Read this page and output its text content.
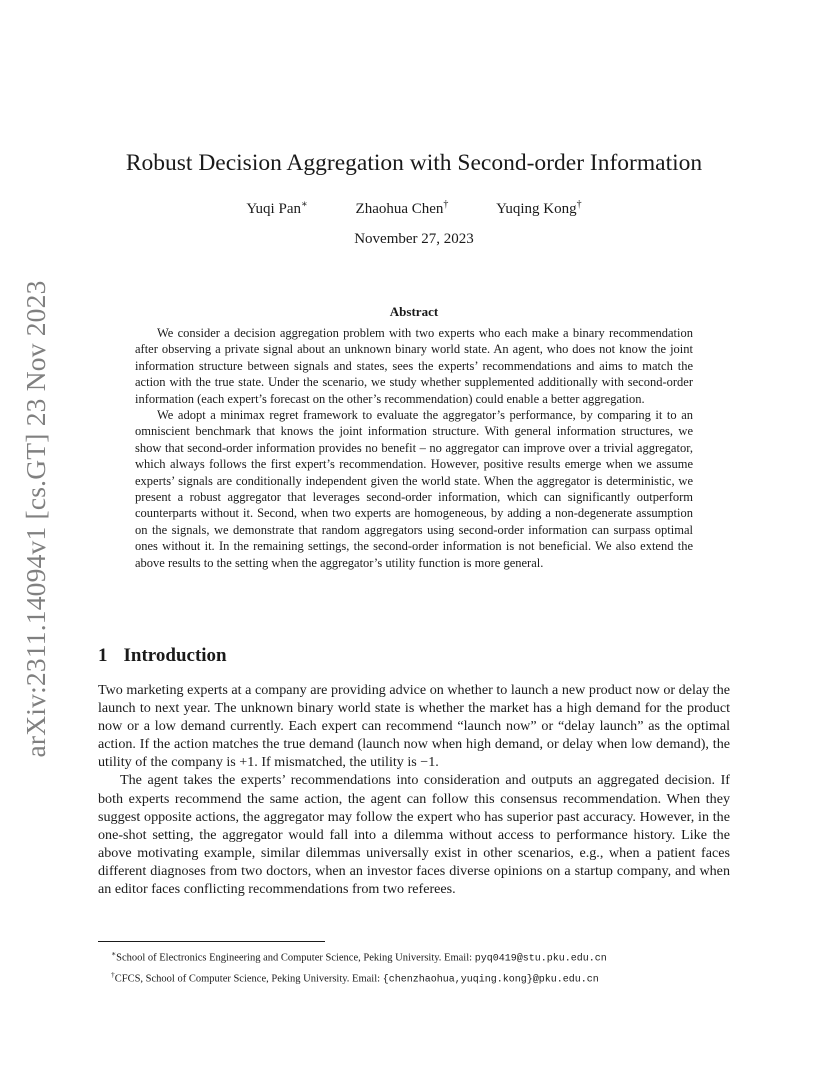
arXiv:2311.14094v1 [cs.GT] 23 Nov 2023
Robust Decision Aggregation with Second-order Information
Yuqi Pan∗	Zhaohua Chen†	Yuqing Kong†
November 27, 2023
Abstract

We consider a decision aggregation problem with two experts who each make a binary recommendation after observing a private signal about an unknown binary world state. An agent, who does not know the joint information structure between signals and states, sees the experts’ recommendations and aims to match the action with the true state. Under the scenario, we study whether supplemented additionally with second-order information (each expert’s forecast on the other’s recommendation) could enable a better aggregation.

We adopt a minimax regret framework to evaluate the aggregator’s performance, by comparing it to an omniscient benchmark that knows the joint information structure. With general information structures, we show that second-order information provides no benefit – no aggregator can improve over a trivial aggregator, which always follows the first expert’s recommendation. However, positive results emerge when we assume experts’ signals are conditionally independent given the world state. When the aggregator is deterministic, we present a robust aggregator that leverages second-order information, which can significantly outperform counterparts without it. Second, when two experts are homogeneous, by adding a non-degenerate assumption on the signals, we demonstrate that random aggregators using second-order information can surpass optimal ones without it. In the remaining settings, the second-order information is not beneficial. We also extend the above results to the setting when the aggregator’s utility function is more general.

1 Introduction

Two marketing experts at a company are providing advice on whether to launch a new product now or delay the launch to next year. The unknown binary world state is whether the market has a high demand for the product now or a low demand currently. Each expert can recommend “launch now” or “delay launch” as the optimal action. If the action matches the true demand (launch now when high demand, or delay when low demand), the utility of the company is +1. If mismatched, the utility is −1.

The agent takes the experts’ recommendations into consideration and outputs an aggregated decision. If both experts recommend the same action, the agent can follow this consensus recommendation. When they suggest opposite actions, the aggregator may follow the expert who has superior past accuracy. However, in the one-shot setting, the aggregator would fall into a dilemma without access to performance history. Like the above motivating example, similar dilemmas universally exist in other scenarios, e.g., when a patient faces different diagnoses from two doctors, when an investor faces diverse opinions on a startup company, and when an editor faces conflicting recommendations from two referees.

∗School of Electronics Engineering and Computer Science, Peking University. Email: pyq0419@stu.pku.edu.cn

†CFCS, School of Computer Science, Peking University. Email: {chenzhaohua,yuqing.kong}@pku.edu.cn
